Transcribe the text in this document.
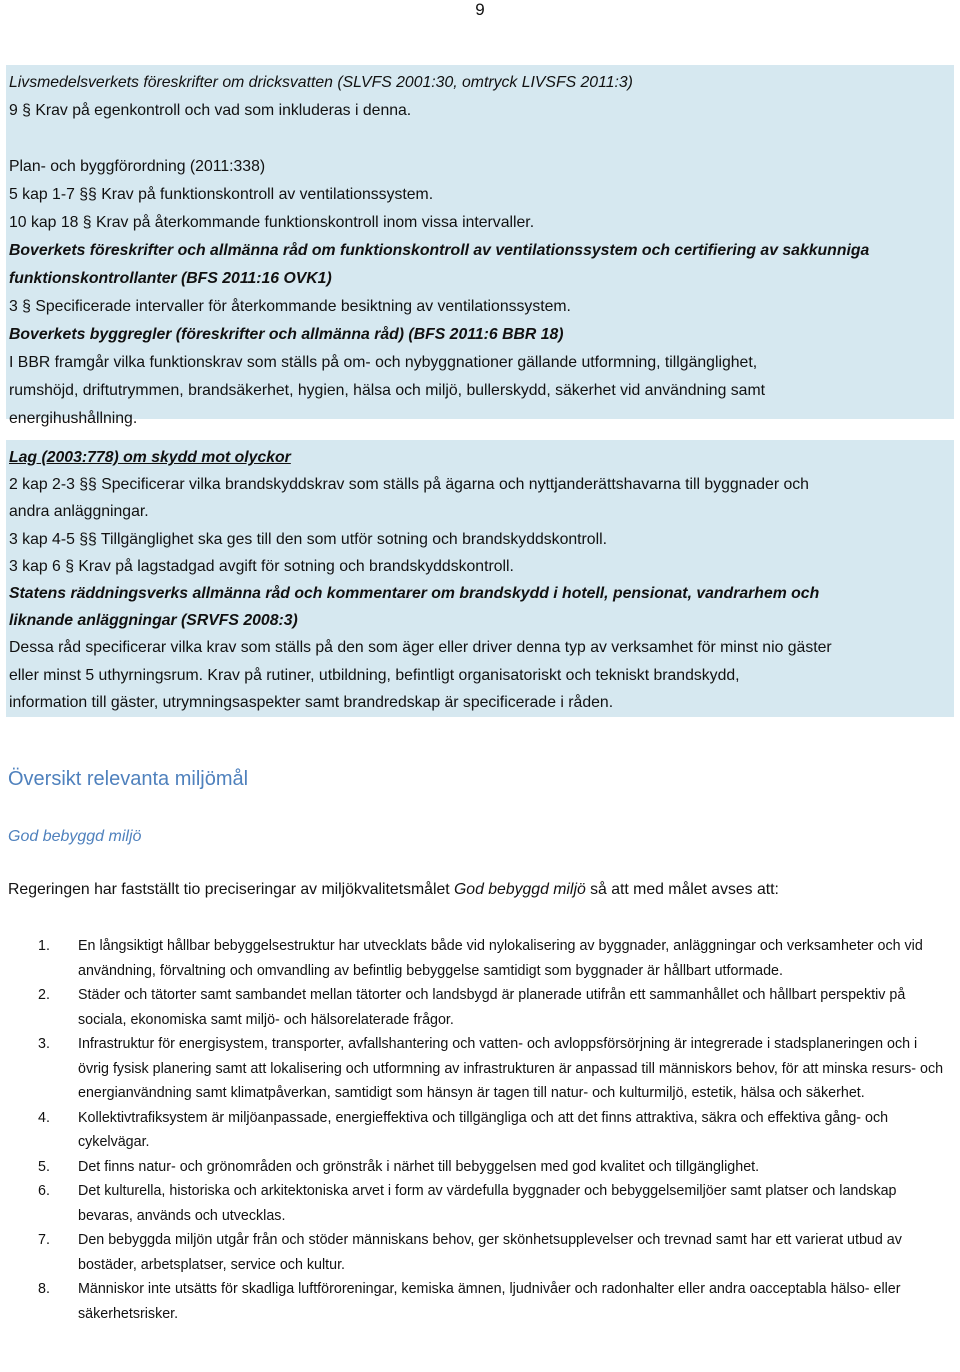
9
Livsmedelsverkets föreskrifter om dricksvatten (SLVFS 2001:30, omtryck LIVSFS 2011:3)
9 § Krav på egenkontroll och vad som inkluderas i denna.
Plan- och byggförordning (2011:338)
5 kap 1-7 §§ Krav på funktionskontroll av ventilationssystem.
10 kap 18 § Krav på återkommande funktionskontroll inom vissa intervaller.
Boverkets föreskrifter och allmänna råd om funktionskontroll av ventilationssystem och certifiering av sakkunniga
funktionskontrollanter (BFS 2011:16 OVK1)
3 § Specificerade intervaller för återkommande besiktning av ventilationssystem.
Boverkets byggregler (föreskrifter och allmänna råd) (BFS 2011:6 BBR 18)
I BBR framgår vilka funktionskrav som ställs på om- och nybyggnationer gällande utformning, tillgänglighet,
rumshöjd, driftutrymmen, brandsäkerhet, hygien, hälsa och miljö, bullerskydd, säkerhet vid användning samt
energihushållning.
Lag (2003:778) om skydd mot olyckor
2 kap 2-3 §§ Specificerar vilka brandskyddskrav som ställs på ägarna och nyttjanderättshavarna till byggnader och
andra anläggningar.
3 kap 4-5 §§ Tillgänglighet ska ges till den som utför sotning och brandskyddskontroll.
3 kap 6 § Krav på lagstadgad avgift för sotning och brandskyddskontroll.
Statens räddningsverks allmänna råd och kommentarer om brandskydd i hotell, pensionat, vandrarhem och
liknande anläggningar (SRVFS 2008:3)
Dessa råd specificerar vilka krav som ställs på den som äger eller driver denna typ av verksamhet för minst nio gäster
eller minst 5 uthyrningsrum. Krav på rutiner, utbildning, befintligt organisatoriskt och tekniskt brandskydd,
information till gäster, utrymningsaspekter samt brandredskap är specificerade i råden.
Översikt relevanta miljömål
God bebyggd miljö
Regeringen har fastställt tio preciseringar av miljökvalitetsmålet God bebyggd miljö så att med målet avses att:
1. En långsiktigt hållbar bebyggelsestruktur har utvecklats både vid nylokalisering av byggnader, anläggningar och verksamheter och vid användning, förvaltning och omvandling av befintlig bebyggelse samtidigt som byggnader är hållbart utformade.
2. Städer och tätorter samt sambandet mellan tätorter och landsbygd är planerade utifrån ett sammanhållet och hållbart perspektiv på sociala, ekonomiska samt miljö- och hälsorelaterade frågor.
3. Infrastruktur för energisystem, transporter, avfallshantering och vatten- och avloppsförsörjning är integrerade i stadsplaneringen och i övrig fysisk planering samt att lokalisering och utformning av infrastrukturen är anpassad till människors behov, för att minska resurs- och energianvändning samt klimatpåverkan, samtidigt som hänsyn är tagen till natur- och kulturmiljö, estetik, hälsa och säkerhet.
4. Kollektivtrafiksystem är miljöanpassade, energieffektiva och tillgängliga och att det finns attraktiva, säkra och effektiva gång- och cykelvägar.
5. Det finns natur- och grönområden och grönstråk i närhet till bebyggelsen med god kvalitet och tillgänglighet.
6. Det kulturella, historiska och arkitektoniska arvet i form av värdefulla byggnader och bebyggelsemiljöer samt platser och landskap bevaras, används och utvecklas.
7. Den bebyggda miljön utgår från och stöder människans behov, ger skönhetsupplevelser och trevnad samt har ett varierat utbud av bostäder, arbetsplatser, service och kultur.
8. Människor inte utsätts för skadliga luftföroreningar, kemiska ämnen, ljudnivåer och radonhalter eller andra oacceptabla hälso- eller säkerhetsrisker.
